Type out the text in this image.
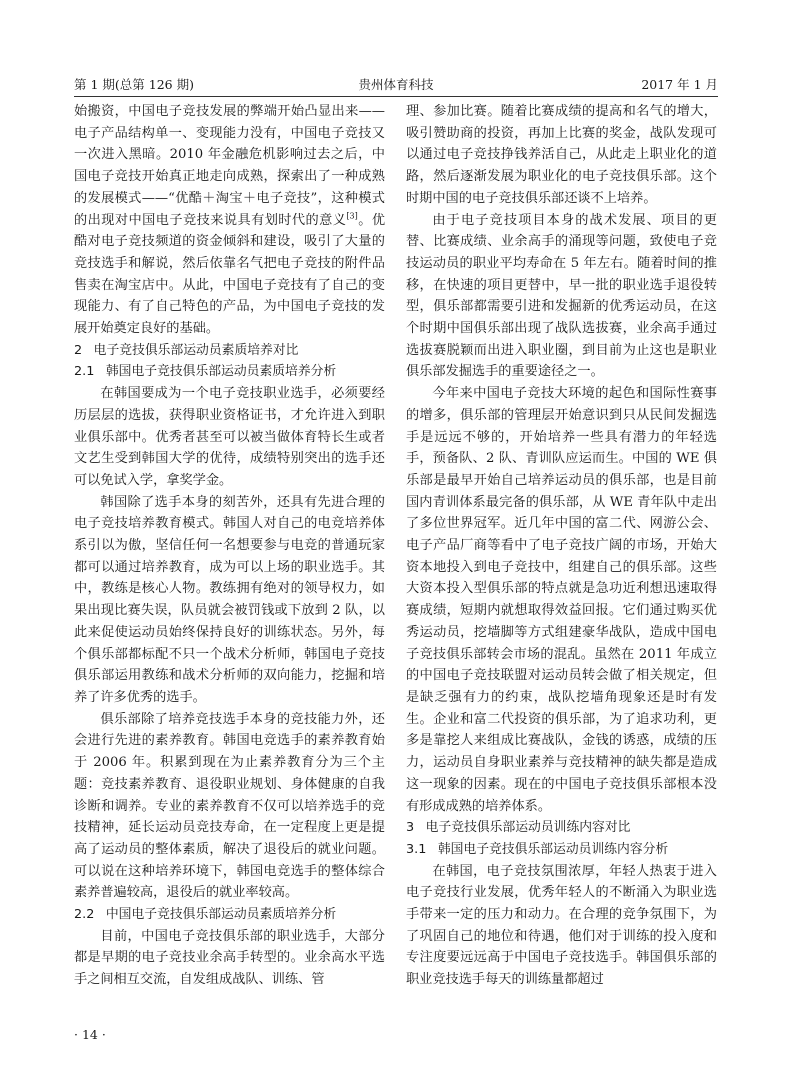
第 1 期(总第 126 期)	贵州体育科技	2017 年 1 月

始搬资，中国电子竞技发展的弊端开始凸显出来——电子产品结构单一、变现能力没有，中国电子竞技又一次进入黑暗。2010 年金融危机影响过去之后，中国电子竞技开始真正地走向成熟，探索出了一种成熟的发展模式——“优酷＋淘宝＋电子竞技”，这种模式的出现对中国电子竞技来说具有划时代的意义[3]。优酷对电子竞技频道的资金倾斜和建设，吸引了大量的竞技选手和解说，然后依靠名气把电子竞技的附件品售卖在淘宝店中。从此，中国电子竞技有了自己的变现能力、有了自己特色的产品，为中国电子竞技的发展开始奠定良好的基础。

2 电子竞技俱乐部运动员素质培养对比
2.1 韩国电子竞技俱乐部运动员素质培养分析

在韩国要成为一个电子竞技职业选手，必须要经历层层的选拔，获得职业资格证书，才允许进入到职业俱乐部中。优秀者甚至可以被当做体育特长生或者文艺生受到韩国大学的优待，成绩特别突出的选手还可以免试入学，拿奖学金。

韩国除了选手本身的刻苦外，还具有先进合理的电子竞技培养教育模式。韩国人对自己的电竞培养体系引以为傲，坚信任何一名想要参与电竞的普通玩家都可以通过培养教育，成为可以上场的职业选手。其中，教练是核心人物。教练拥有绝对的领导权力，如果出现比赛失误，队员就会被罚钱或下放到 2 队，以此来促使运动员始终保持良好的训练状态。另外，每个俱乐部都标配不只一个战术分析师，韩国电子竞技俱乐部运用教练和战术分析师的双向能力，挖掘和培养了许多优秀的选手。

俱乐部除了培养竞技选手本身的竞技能力外，还会进行先进的素养教育。韩国电竞选手的素养教育始于 2006 年。积累到现在为止素养教育分为三个主题：竞技素养教育、退役职业规划、身体健康的自我诊断和调养。专业的素养教育不仅可以培养选手的竞技精神，延长运动员竞技寿命，在一定程度上更是提高了运动员的整体素质，解决了退役后的就业问题。可以说在这种培养环境下，韩国电竞选手的整体综合素养普遍较高，退役后的就业率较高。

2.2 中国电子竞技俱乐部运动员素质培养分析

目前，中国电子竞技俱乐部的职业选手，大部分都是早期的电子竞技业余高手转型的。业余高水平选手之间相互交流，自发组成战队、训练、管

理、参加比赛。随着比赛成绩的提高和名气的增大，吸引赞助商的投资，再加上比赛的奖金，战队发现可以通过电子竞技挣钱养活自己，从此走上职业化的道路，然后逐渐发展为职业化的电子竞技俱乐部。这个时期中国的电子竞技俱乐部还谈不上培养。

由于电子竞技项目本身的战术发展、项目的更替、比赛成绩、业余高手的涌现等问题，致使电子竞技运动员的职业平均寿命在 5 年左右。随着时间的推移，在快速的项目更替中，早一批的职业选手退役转型，俱乐部都需要引进和发掘新的优秀运动员，在这个时期中国俱乐部出现了战队选拔赛，业余高手通过选拔赛脱颖而出进入职业圈，到目前为止这也是职业俱乐部发掘选手的重要途径之一。

今年来中国电子竞技大环境的起色和国际性赛事的增多，俱乐部的管理层开始意识到只从民间发掘选手是远远不够的，开始培养一些具有潜力的年轻选手，预备队、2 队、青训队应运而生。中国的 WE 俱乐部是最早开始自己培养运动员的俱乐部，也是目前国内青训体系最完备的俱乐部，从 WE 青年队中走出了多位世界冠军。近几年中国的富二代、网游公会、电子产品厂商等看中了电子竞技广阔的市场，开始大资本地投入到电子竞技中，组建自己的俱乐部。这些大资本投入型俱乐部的特点就是急功近利想迅速取得赛成绩，短期内就想取得效益回报。它们通过购买优秀运动员，挖墙脚等方式组建豪华战队，造成中国电子竞技俱乐部转会市场的混乱。虽然在 2011 年成立的中国电子竞技联盟对运动员转会做了相关规定，但是缺乏强有力的约束，战队挖墙角现象还是时有发生。企业和富二代投资的俱乐部，为了追求功利，更多是靠挖人来组成比赛战队，金钱的诱惑，成绩的压力，运动员自身职业素养与竞技精神的缺失都是造成这一现象的因素。现在的中国电子竞技俱乐部根本没有形成成熟的培养体系。

3 电子竞技俱乐部运动员训练内容对比
3.1 韩国电子竞技俱乐部运动员训练内容分析

在韩国，电子竞技氛围浓厚，年轻人热衷于进入电子竞技行业发展，优秀年轻人的不断涌入为职业选手带来一定的压力和动力。在合理的竞争氛围下，为了巩固自己的地位和待遇，他们对于训练的投入度和专注度要远远高于中国电子竞技选手。韩国俱乐部的职业竞技选手每天的训练量都超过

· 14 ·
